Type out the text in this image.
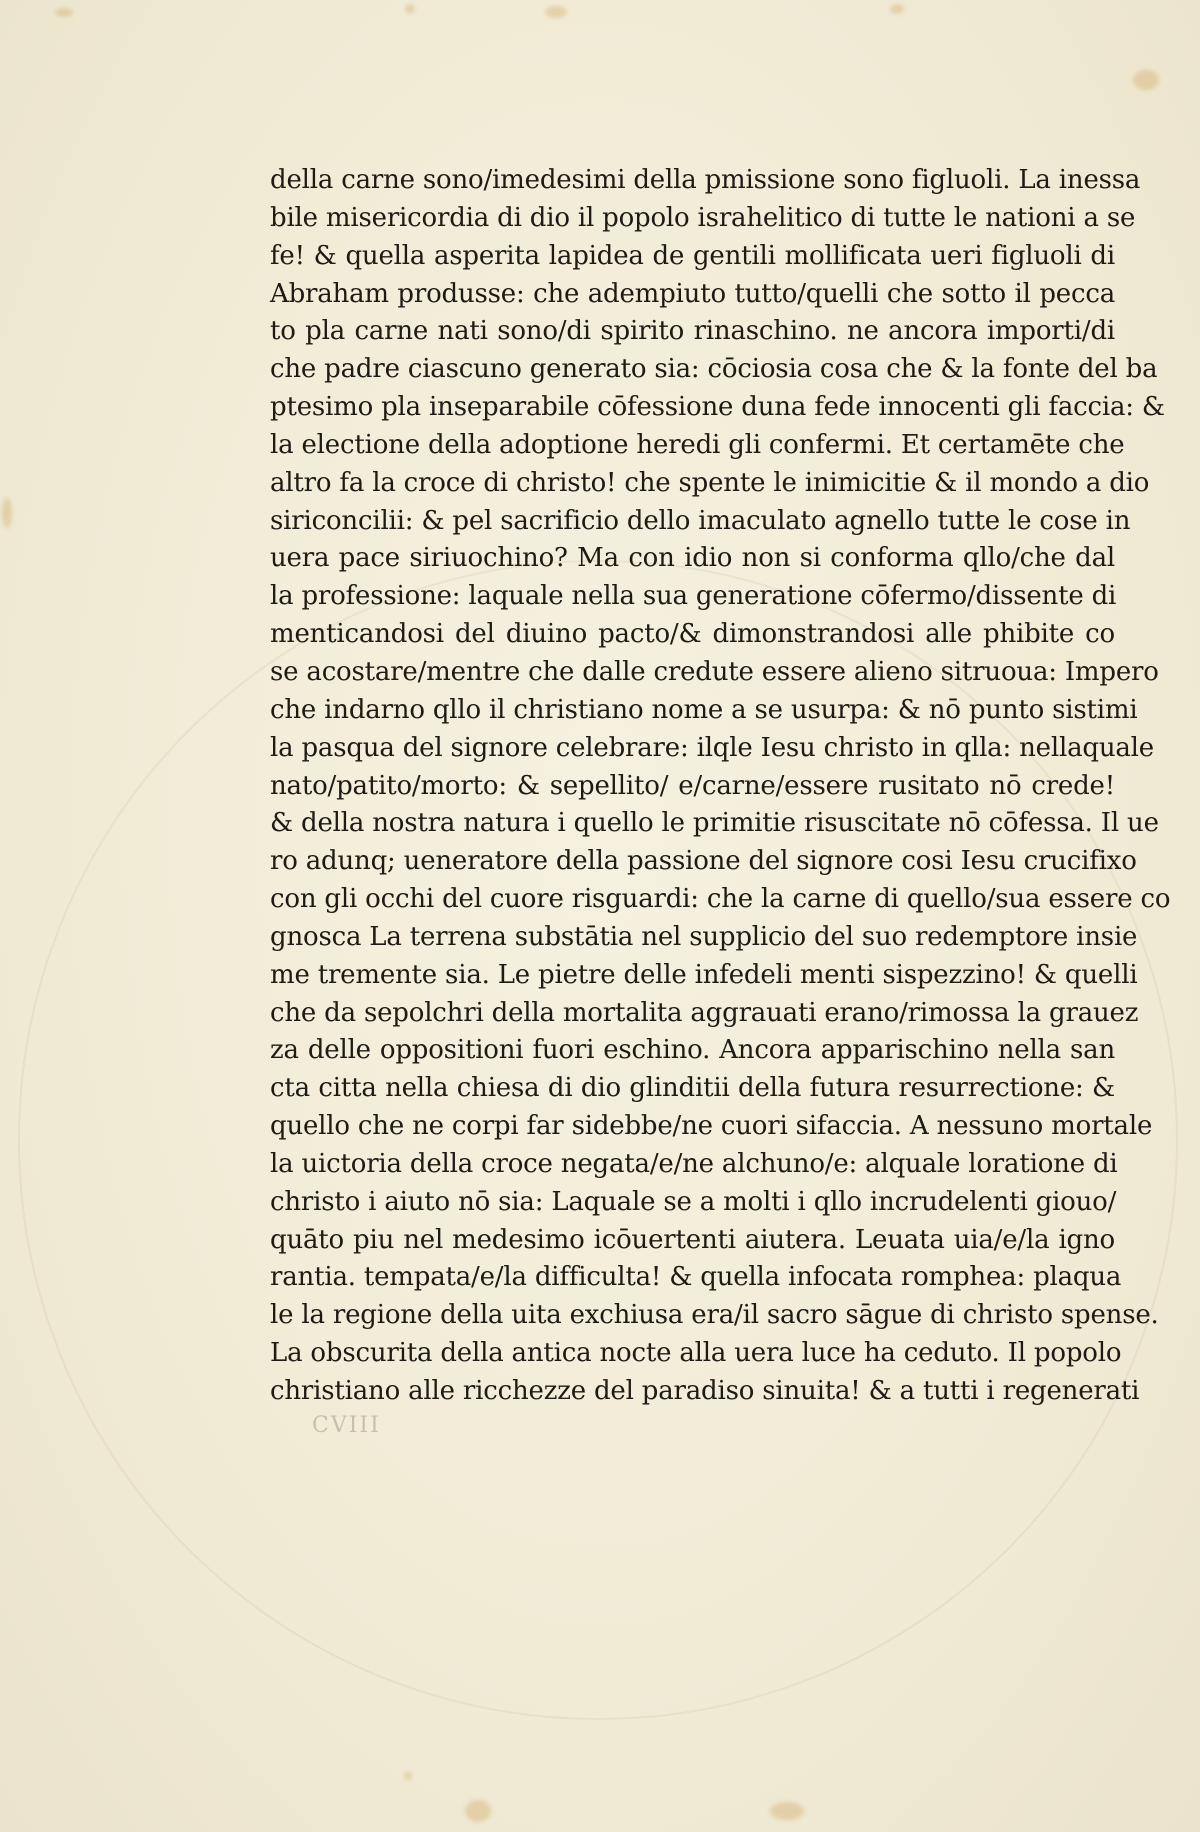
della carne sono/imedesimi della pmissione sono figluoli. La inessa
bile misericordia di dio il popolo israhelitico di tutte le nationi a se
fe! & quella asperita lapidea de gentili mollificata ueri figluoli di
Abraham produsse: che adempiuto tutto/quelli che sotto il pecca
to pla carne nati sono/di spirito rinaschino. ne ancora importi/di
che padre ciascuno generato sia: cōciosia cosa che & la fonte del ba
ptesimo pla inseparabile cōfessione duna fede innocenti gli faccia: &
la electione della adoptione heredi gli confermi. Et certamēte che
altro fa la croce di christo! che spente le inimicitie & il mondo a dio
siriconcilii: & pel sacrificio dello imaculato agnello tutte le cose in
uera pace siriuochino? Ma con idio non si conforma qllo/che dal
la professione: laquale nella sua generatione cōfermo/dissente di
menticandosi del diuino pacto/& dimonstrandosi alle phibite co
se acostare/mentre che dalle credute essere alieno sitruoua: Impero
che indarno qllo il christiano nome a se usurpa: & nō punto sistimi
la pasqua del signore celebrare: ilqle Iesu christo in qlla: nellaquale
nato/patito/morto: & sepellito/ e/carne/essere rusitato nō crede!
& della nostra natura i quello le primitie risuscitate nō cōfessa. Il ue
ro adunq; ueneratore della passione del signore cosi Iesu crucifixo
con gli occhi del cuore risguardi: che la carne di quello/sua essere co
gnosca La terrena substātia nel supplicio del suo redemptore insie
me tremente sia. Le pietre delle infedeli menti sispezzino! & quelli
che da sepolchri della mortalita aggrauati erano/rimossa la grauez
za delle oppositioni fuori eschino. Ancora apparischino nella san
cta citta nella chiesa di dio glinditii della futura resurrectione: &
quello che ne corpi far sidebbe/ne cuori sifaccia. A nessuno mortale
la uictoria della croce negata/e/ne alchuno/e: alquale loratione di
christo i aiuto nō sia: Laquale se a molti i qllo incrudelenti giouo/
quāto piu nel medesimo icōuertenti aiutera. Leuata uia/e/la igno
rantia. tempata/e/la difficulta! & quella infocata romphea: plaqua
le la regione della uita exchiusa era/il sacro sāgue di christo spense.
La obscurita della antica nocte alla uera luce ha ceduto. Il popolo
christiano alle ricchezze del paradiso sinuita! & a tutti i regenerati
CVIII
